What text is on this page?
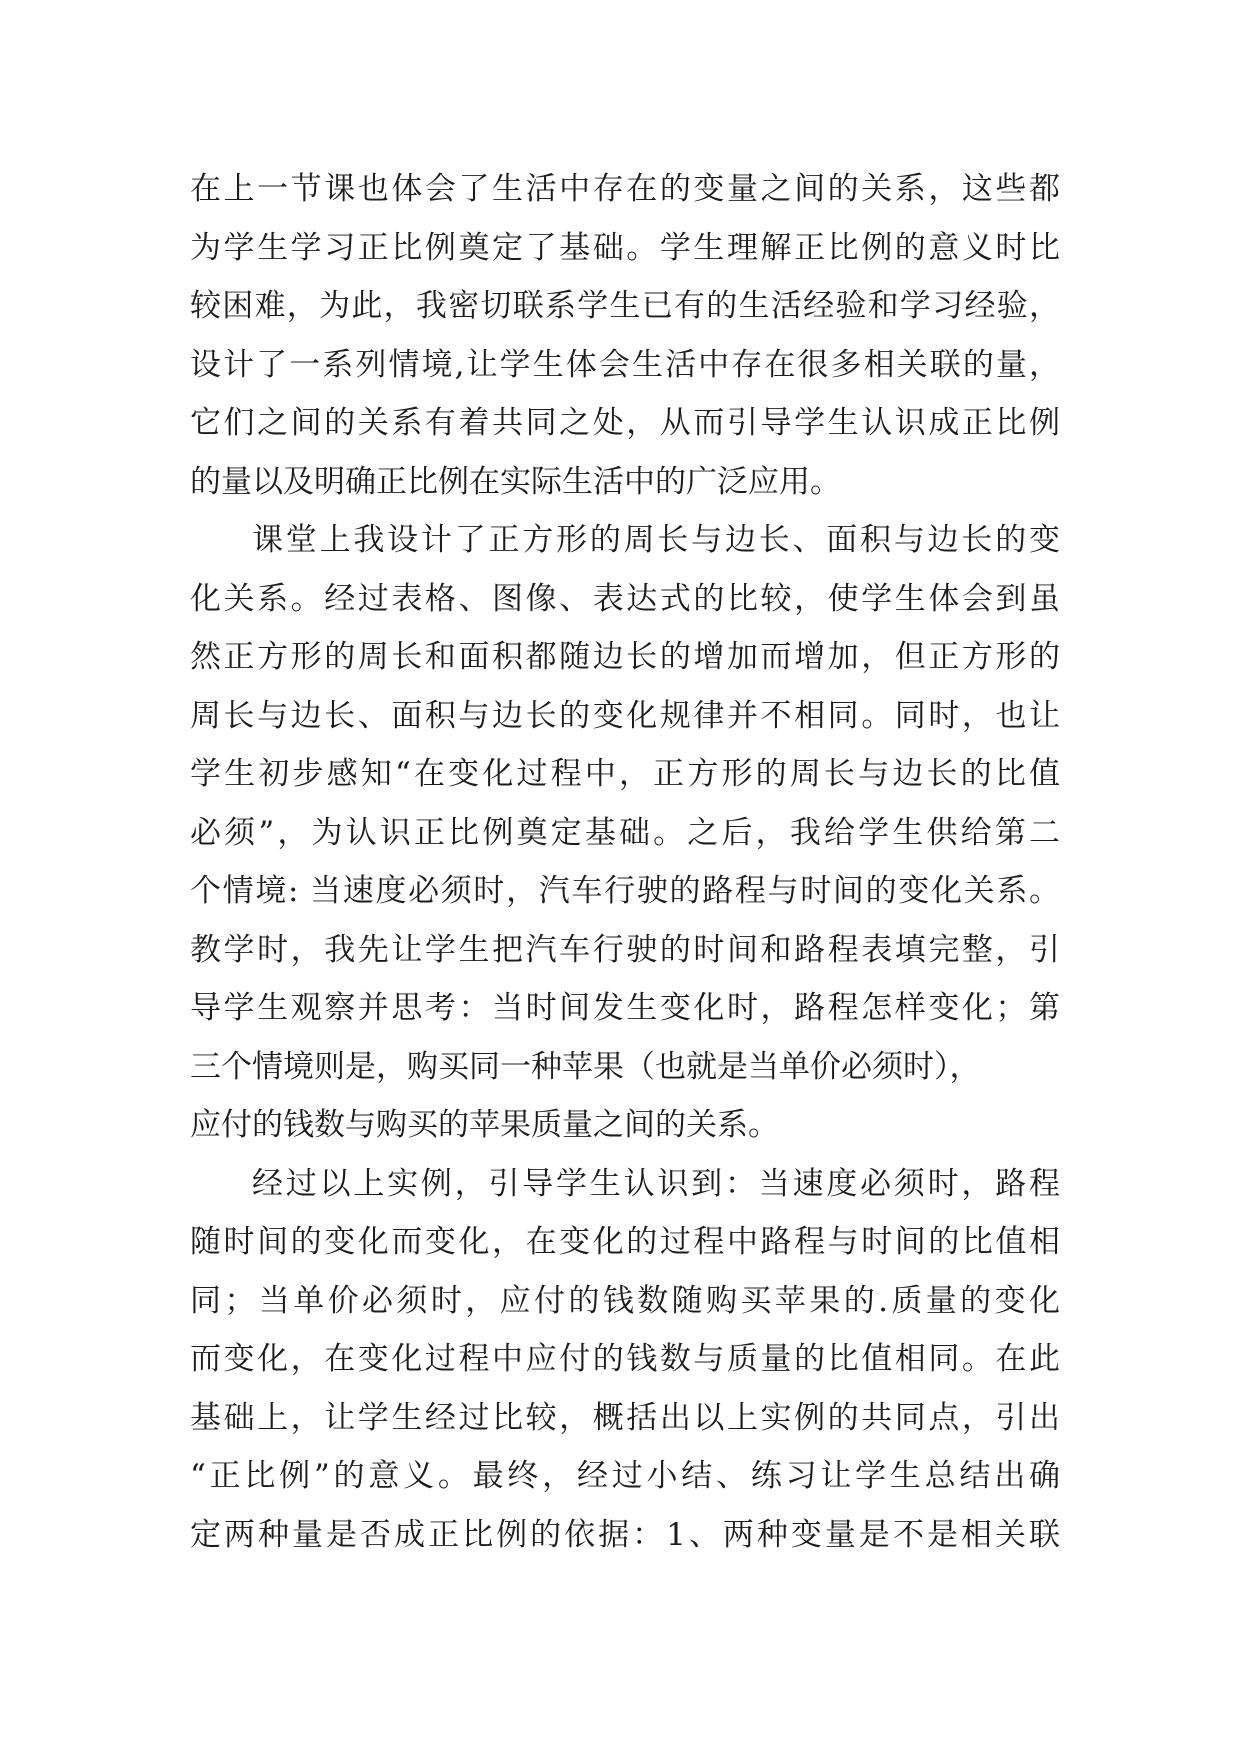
在上一节课也体会了生活中存在的变量之间的关系，这些都
为学生学习正比例奠定了基础。学生理解正比例的意义时比
较困难，为此，我密切联系学生已有的生活经验和学习经验，
设计了一系列情境,让学生体会生活中存在很多相关联的量，
它们之间的关系有着共同之处，从而引导学生认识成正比例
的量以及明确正比例在实际生活中的广泛应用。
课堂上我设计了正方形的周长与边长、面积与边长的变
化关系。经过表格、图像、表达式的比较，使学生体会到虽
然正方形的周长和面积都随边长的增加而增加，但正方形的
周长与边长、面积与边长的变化规律并不相同。同时，也让
学生初步感知“在变化过程中，正方形的周长与边长的比值
必须”，为认识正比例奠定基础。之后，我给学生供给第二
个情境: 当速度必须时，汽车行驶的路程与时间的变化关系。
教学时，我先让学生把汽车行驶的时间和路程表填完整，引
导学生观察并思考：当时间发生变化时，路程怎样变化；第
三个情境则是，购买同一种苹果（也就是当单价必须时），
应付的钱数与购买的苹果质量之间的关系。
经过以上实例，引导学生认识到：当速度必须时，路程
随时间的变化而变化，在变化的过程中路程与时间的比值相
同；当单价必须时，应付的钱数随购买苹果的.质量的变化
而变化，在变化过程中应付的钱数与质量的比值相同。在此
基础上，让学生经过比较，概括出以上实例的共同点，引出
“正比例”的意义。最终，经过小结、练习让学生总结出确
定两种量是否成正比例的依据：1、两种变量是不是相关联
